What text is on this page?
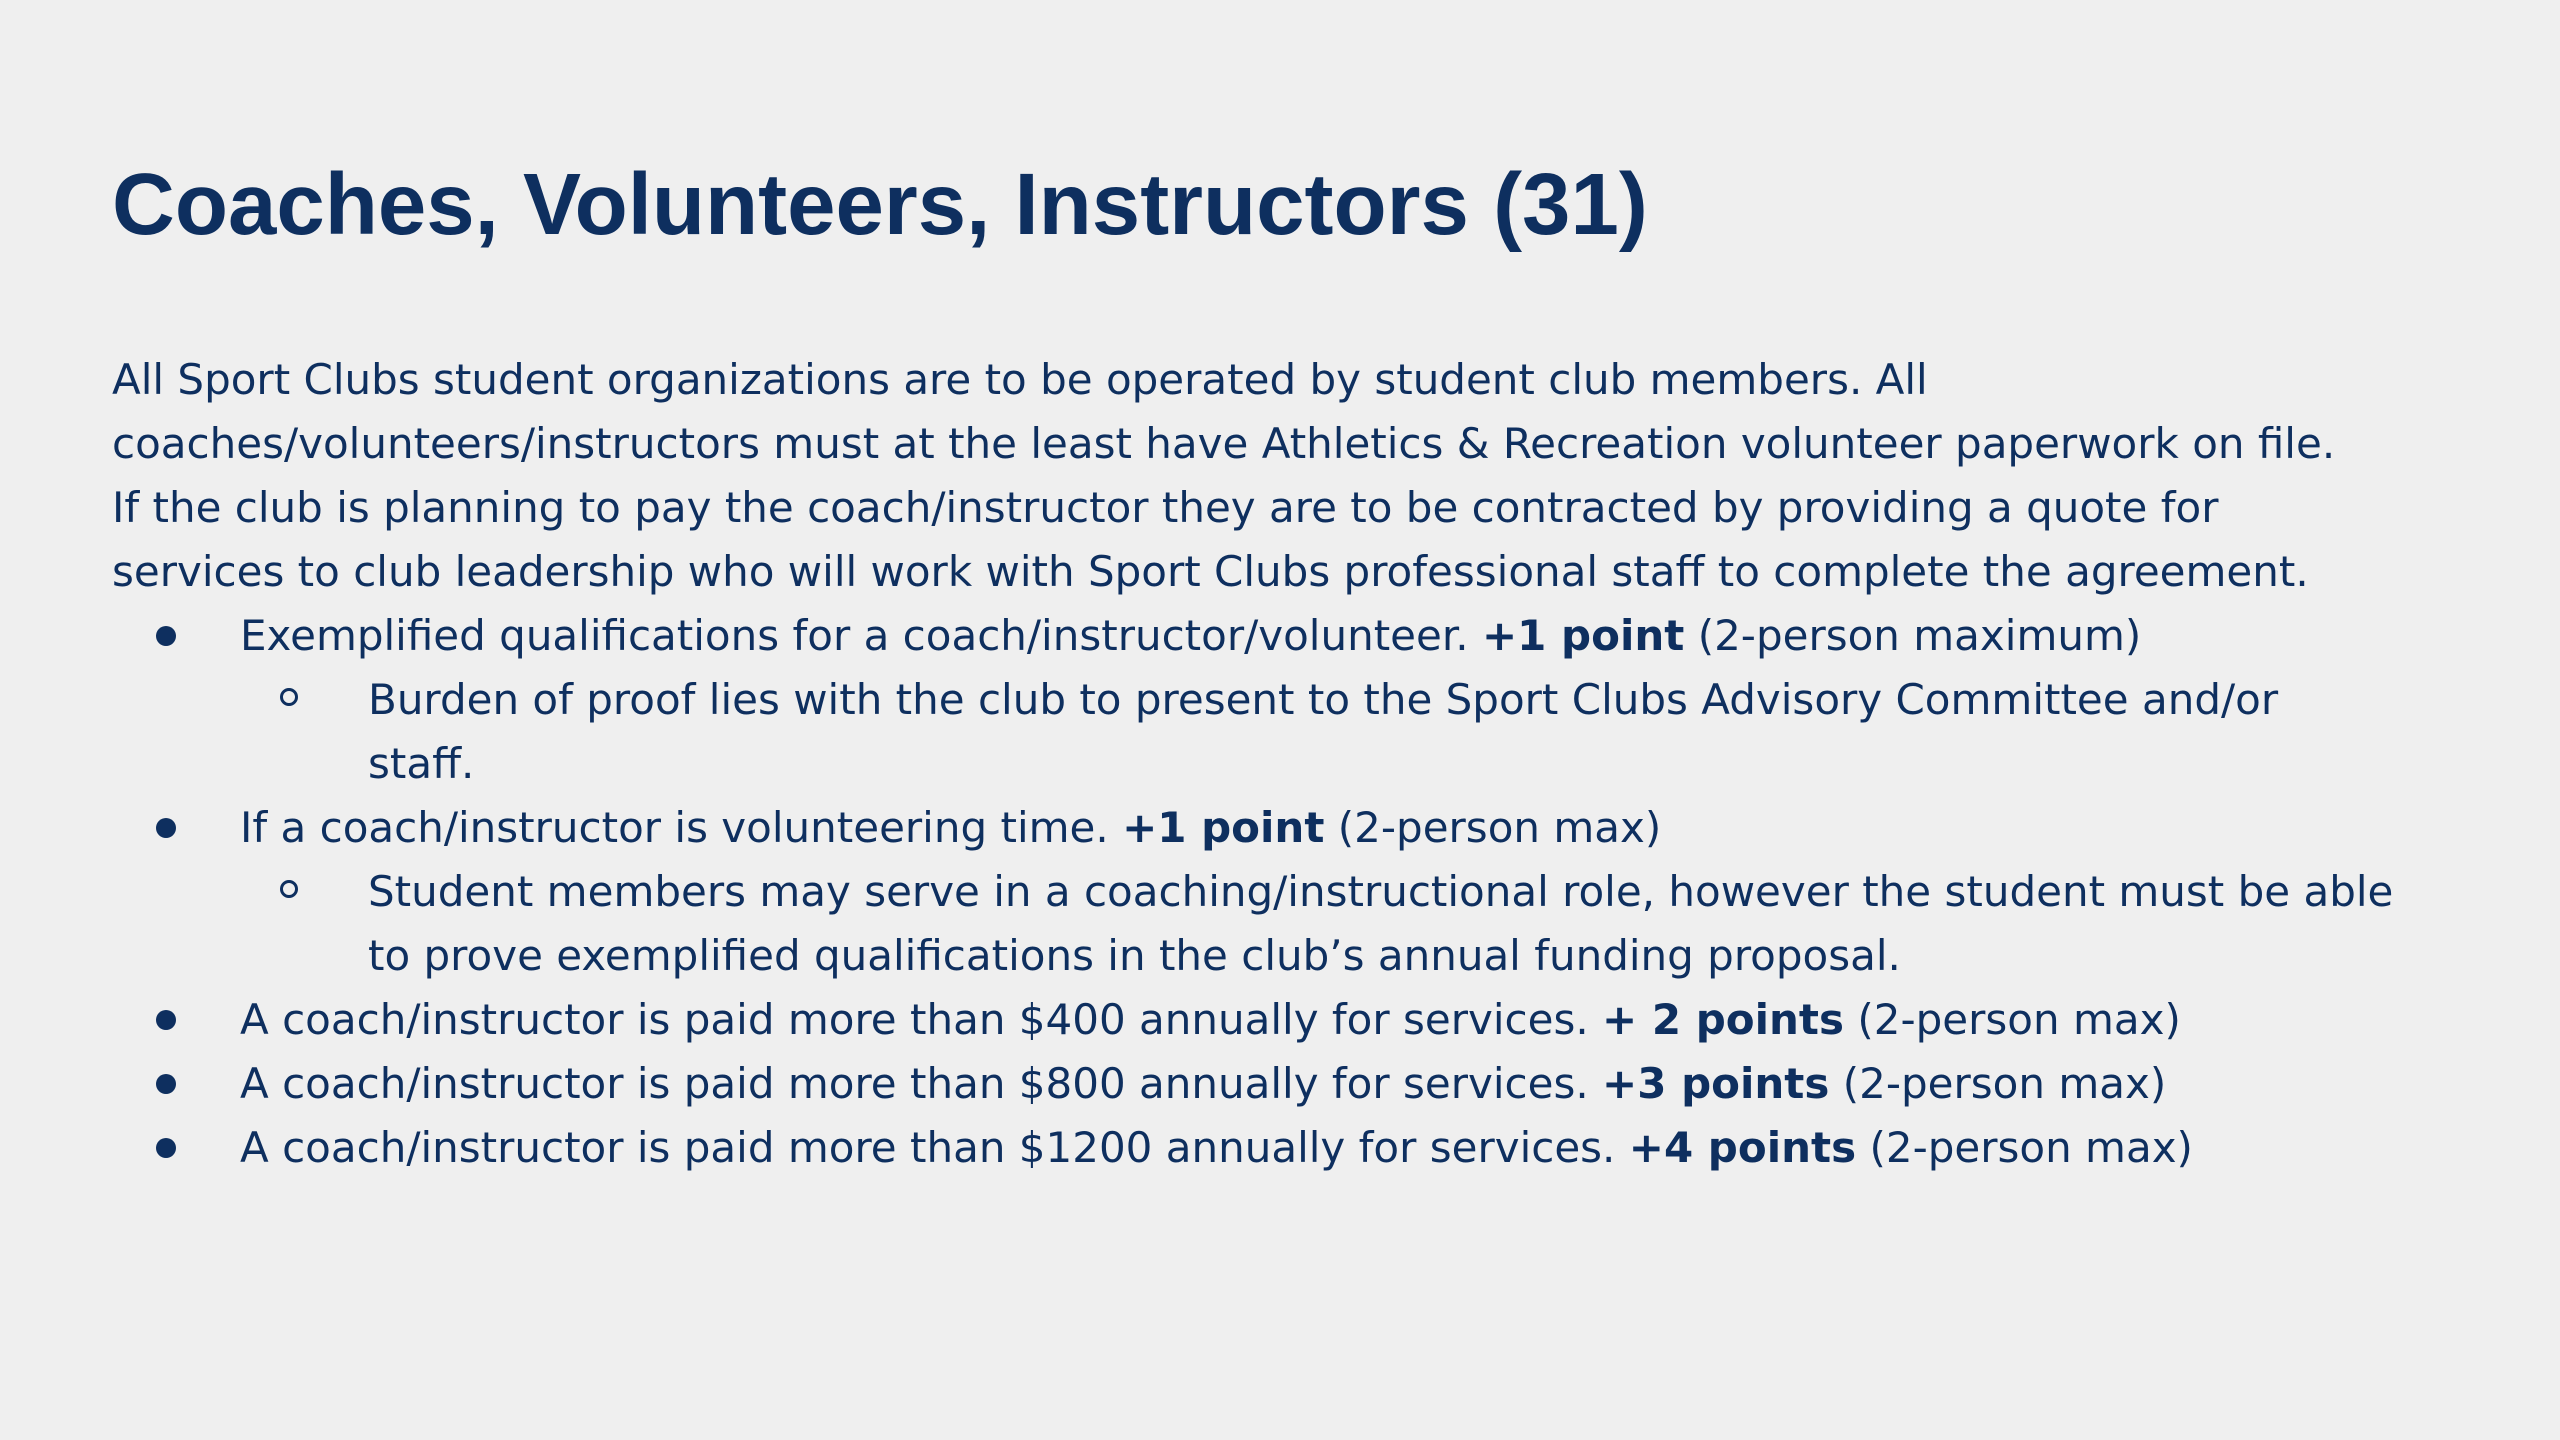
Coaches, Volunteers, Instructors (31)

All Sport Clubs student organizations are to be operated by student club members. All
coaches/volunteers/instructors must at the least have Athletics & Recreation volunteer paperwork on file.
If the club is planning to pay the coach/instructor they are to be contracted by providing a quote for
services to club leadership who will work with Sport Clubs professional staff to complete the agreement.

Exemplified qualifications for a coach/instructor/volunteer. +1 point (2-person maximum)
Burden of proof lies with the club to present to the Sport Clubs Advisory Committee and/or
staff.
If a coach/instructor is volunteering time. +1 point (2-person max)
Student members may serve in a coaching/instructional role, however the student must be able
to prove exemplified qualifications in the club’s annual funding proposal.
A coach/instructor is paid more than $400 annually for services. + 2 points (2-person max)
A coach/instructor is paid more than $800 annually for services. +3 points (2-person max)
A coach/instructor is paid more than $1200 annually for services. +4 points (2-person max)
